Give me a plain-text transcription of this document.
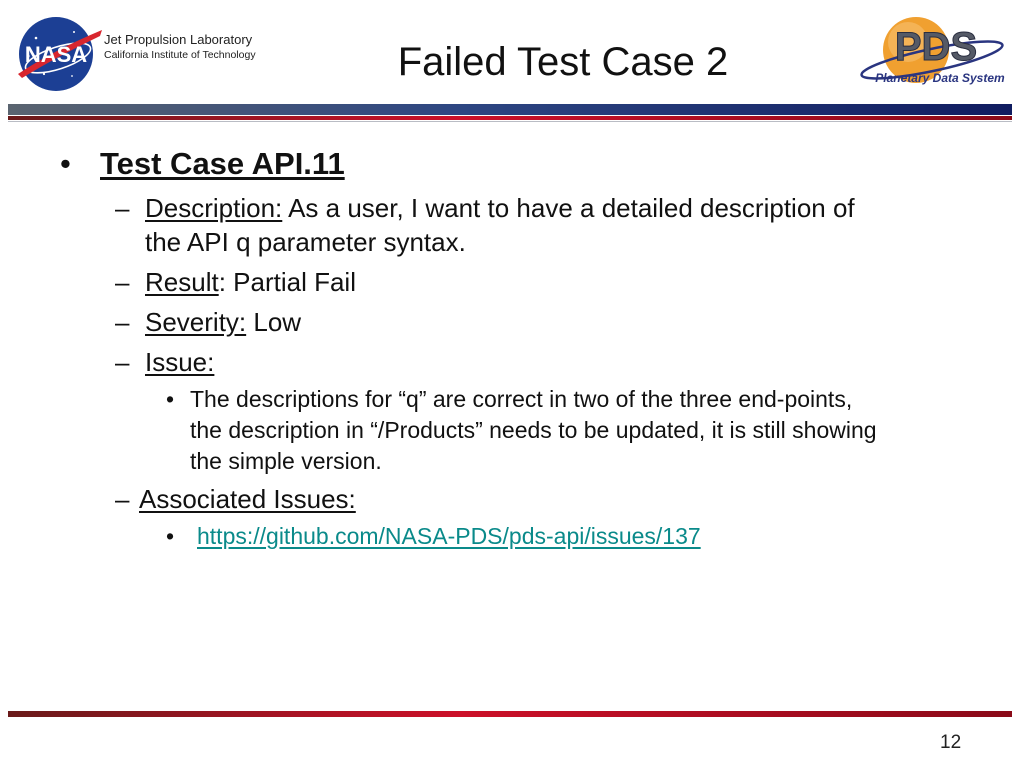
NASA
Jet Propulsion Laboratory
California Institute of Technology	Failed Test Case 2	PDS
Planetary Data System
• Test Case API.11
– Description: As a user, I want to have a detailed description of
the API q parameter syntax.
– Result: Partial Fail
– Severity: Low
– Issue:
• The descriptions for “q” are correct in two of the three end-points,
the description in “/Products” needs to be updated, it is still showing
the simple version.
– Associated Issues:
• https://github.com/NASA-PDS/pds-api/issues/137
12
